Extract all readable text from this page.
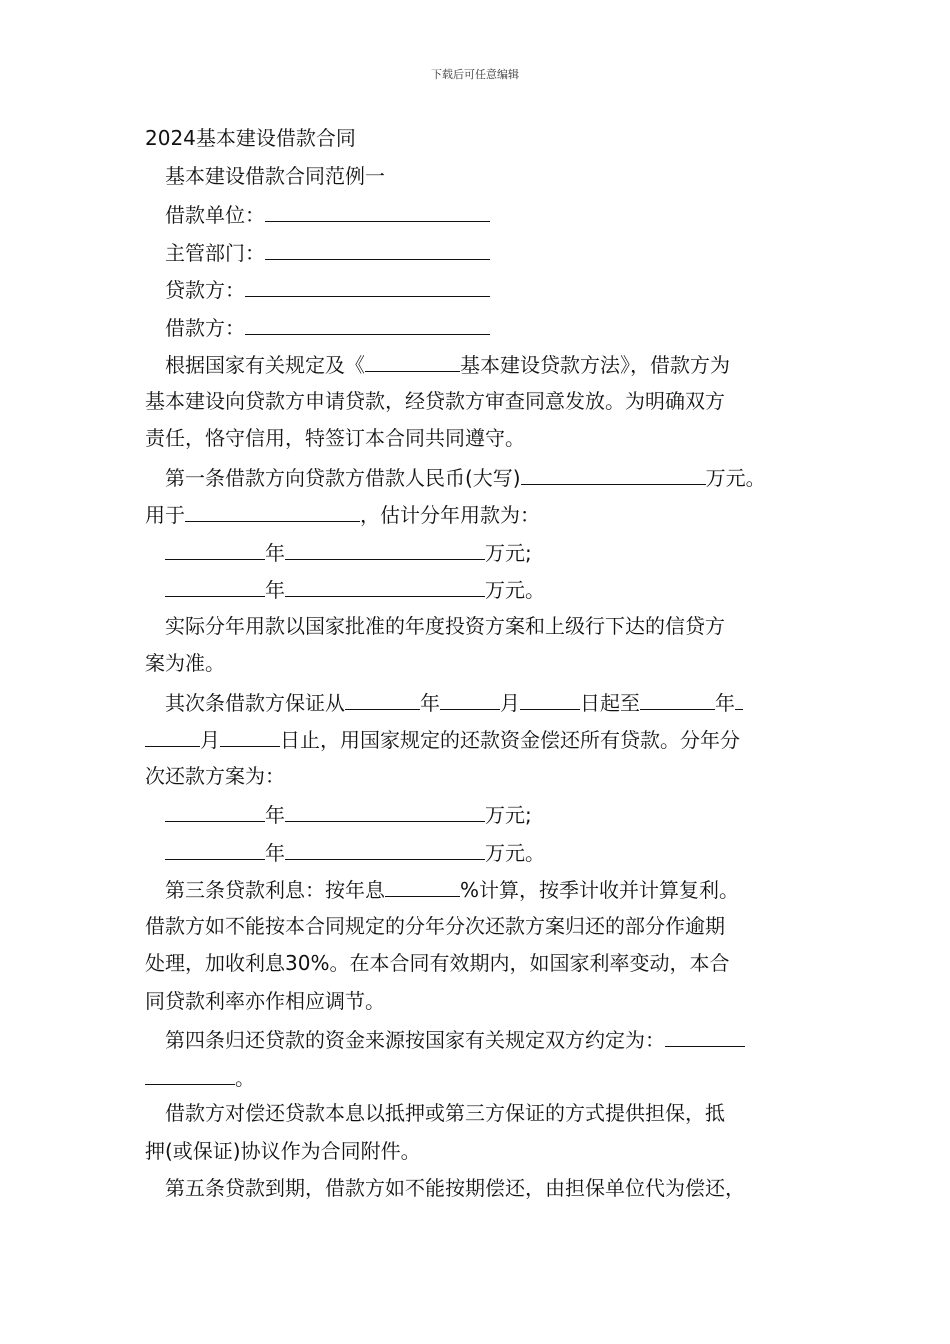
下载后可任意编辑
2024基本建设借款合同
基本建设借款合同范例一
借款单位：
主管部门：
贷款方：
借款方：
根据国家有关规定及《	基本建设贷款方法》，借款方为
基本建设向贷款方申请贷款，经贷款方审查同意发放。为明确双方
责任，恪守信用，特签订本合同共同遵守。
第一条借款方向贷款方借款人民币(大写)	万元。
用于	，估计分年用款为：
年	万元;
年	万元。
实际分年用款以国家批准的年度投资方案和上级行下达的信贷方
案为准。
其次条借款方保证从	年	月	日起至	年
月	日止，用国家规定的还款资金偿还所有贷款。分年分
次还款方案为：
年	万元;
年	万元。
第三条贷款利息：按年息	%计算，按季计收并计算复利。
借款方如不能按本合同规定的分年分次还款方案归还的部分作逾期
处理，加收利息30%。在本合同有效期内，如国家利率变动，本合
同贷款利率亦作相应调节。
第四条归还贷款的资金来源按国家有关规定双方约定为：
。
借款方对偿还贷款本息以抵押或第三方保证的方式提供担保，抵
押(或保证)协议作为合同附件。
第五条贷款到期，借款方如不能按期偿还，由担保单位代为偿还，
